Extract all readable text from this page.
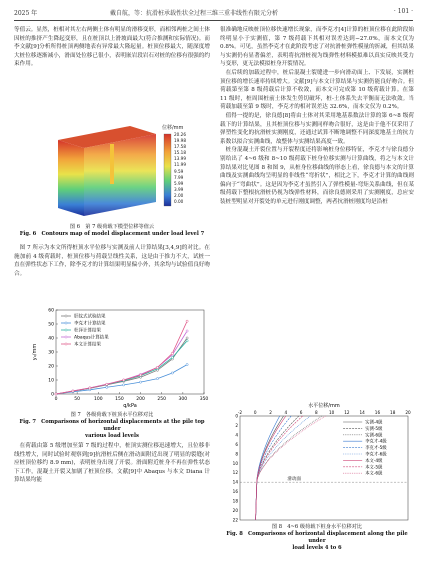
2025 年	戴自航，等：抗滑桩承载性状全过程三维三重非线性有限元分析	· 101 ·

等值云。显然，桩相对其左右两侧土体有明显的滑移变形，而相邻两桩之间土体因桩的推挤产生降起变形，且在桩顶以上滑坡面最大(符合推测和实际情况)。而李文献[9]分析所得桩顶两侧地表有异常最大隆起量。桩顶位移最大，随深度增大桩位移逐渐减小，滑面处位移已很小，表明嵌岩段岩石对桩的位移有很强的约束作用。

位移/mm
20.26
19.98
17.58
15.18
13.99
11.99
9.59
7.99
5.99
3.99
2.00
0.00
图 6　第 7 级荷载下模型位移等值云
Fig. 6　Contours map of model displacement under load level 7

图 7 所示为本文所得桩顶水平位移与实测及前人计算结果[3,4,9]的对比。在施加前 4 级荷载时，桩顶位移与荷载呈线性关系，这是由于推力不大，试桩一直在弹性状态下工作，除李克才的计算结果明显偏小外，其余均与试验值良好吻合。

0	50	100	150	200	250	300	350
0
10
20
30
40
50
60
q/kPa
y₀/mm
肝纹式试验结果
李克才计算结果
杜泽计算结果
Abaqus计算结果
本文计算结果
图 7　各级荷载下桩顶水平位移对比
Fig. 7　Comparisons of horizontal displacements at the pile top under
various load levels

在荷载由第 5 级增加至第 7 级的过程中，桩顶实测位移迅速增大，且位移非线性增大，同时试验时观察到[9]抗滑桩后侧在滑动面附近出现了明显的裂缝(对应桩顶位移约 8.9 mm)，表明桩身出现了开裂。滑面附近桩身不再在弹性状态下工作，混凝土开裂又加剧了桩顶位移。文献[9]中 Abaqus 与本文 Diana 计算结果均能

很准确地反映桩顶位移快速增长现象，而李克才[4]计算的桩顶位移在此阶段始终明显小于实测值，第 7 级荷载下其相对误差达到−27.0%，而本文仅为 0.8%。可见，虽然李克才在此阶段考虑了对抗滑桩弹性模量的折减，但其结果与实测仍有显著偏差，表明将抗滑桩视为线弹性材料模拟难以真实反映其受力与变形，更无法模拟桩身开裂情况。

在后续的加载过程中，桩后混凝土裂缝进一步向滑动面上、下发展，实测桩顶位移的增长速率持续增大。文献[9]与本文计算结果与实测仍能良好吻合。但荷载第至第 8 级荷载后计算不收敛，而本文可完成第 10 级荷载计算。在第 11 级时，桩周围桩前土体发生剪切破坏，桩-土体系失去平衡而无法收敛。当荷载加载至第 9 级时，李克才的相对误差达 32.6%，而本文仅为 0.2%。

值得一提的是，徐良德[8]将由土体对其采用地基系数法计算的第 6~8 级荷载下的计算结果，且其桩顶位移与实测同样吻合很好，这是由于他不仅采用了弹塑性变化的抗滑桩实测刚度，还通过试算不断地调整不同深度地基土的抗力系数以拟合实测曲线，故整体与实测结果高度一致。

桩身混凝土开裂位置与开裂程度还将影响桩身位移特征，李克才与徐良德分别给出了 4~6 级和 8~10 级荷载下桩身位移实测与计算曲线，将之与本文计算结果对比见图 8 和图 9，从桩身位移曲线的形态上看，徐良德与本文的计算曲线及实测曲线均呈明显的非线性“弯折状”，相比之下，李克才计算的曲线则偏向于“弯曲状”。这是因为李克才虽然引入了弹性模量-弯矩关系曲线，但在某级荷载下整根抗滑桩仍视为线弹性材料，而徐良德则采用了实测刚度，总应安装桩型明显对开裂处的单元进行刚度调整，两者抗滑桩刚度均是沿桩

水平位移/mm
-2	0	2	4	6	8	10 12 14 16 18 20
0
2
4
6
8
10
12
14
16
18
20
22
滑动面
实测-4级
实测-5级
实测-6级
李克才-4级
李克才-5级
李克才-6级
本文-4级
本文-5级
本文-6级
图 8　4~6 级荷载下桩身水平位移对比
Fig. 8　Comparisons of horizontal displacement along the pile under
load levels 4 to 6
